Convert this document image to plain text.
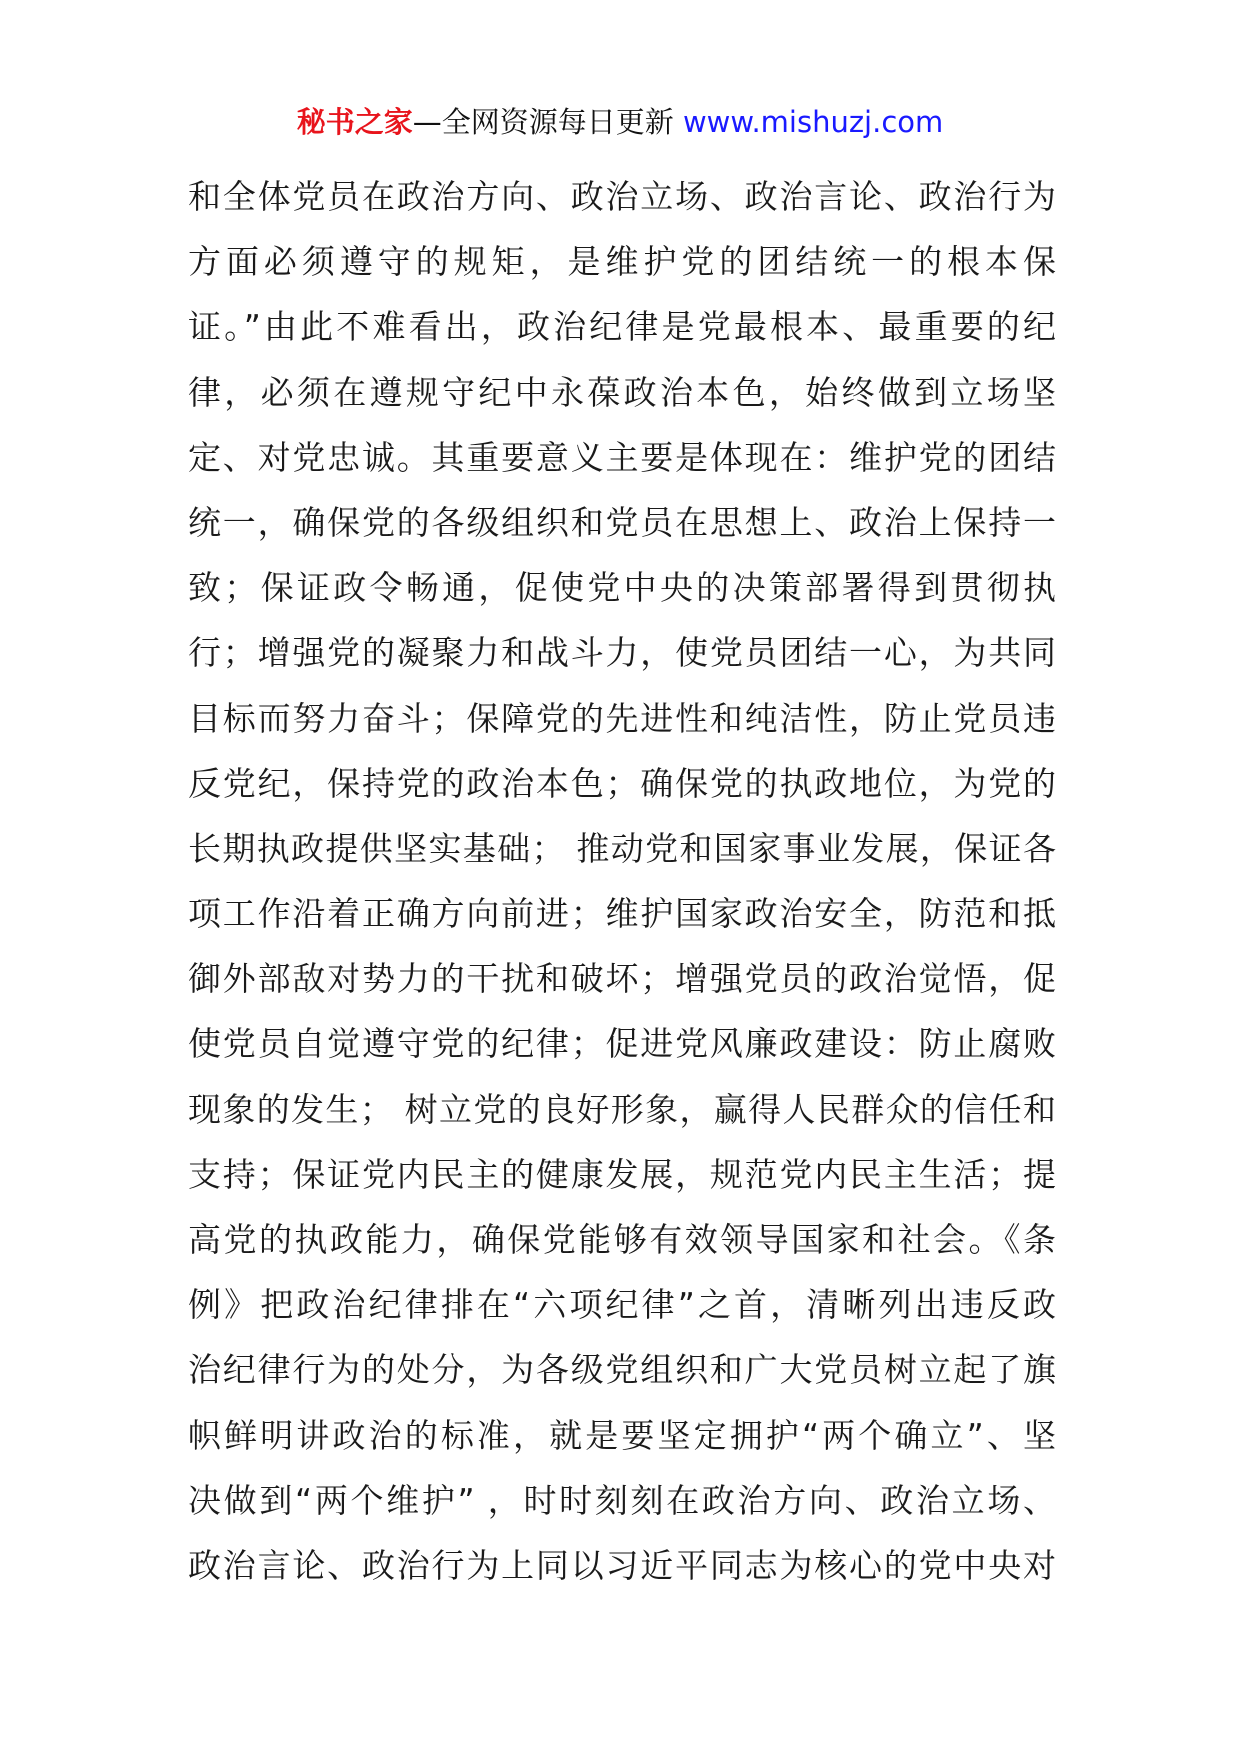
秘书之家—全网资源每日更新 www.mishuzj.com
和全体党员在政治方向、政治立场、政治言论、政治行为
方面必须遵守的规矩，是维护党的团结统一的根本保
证。”由此不难看出，政治纪律是党最根本、最重要的纪
律，必须在遵规守纪中永葆政治本色，始终做到立场坚
定、对党忠诚。其重要意义主要是体现在：维护党的团结
统一，确保党的各级组织和党员在思想上、政治上保持一
致；保证政令畅通，促使党中央的决策部署得到贯彻执
行；增强党的凝聚力和战斗力，使党员团结一心，为共同
目标而努力奋斗；保障党的先进性和纯洁性，防止党员违
反党纪，保持党的政治本色；确保党的执政地位，为党的
长期执政提供坚实基础； 推动党和国家事业发展，保证各
项工作沿着正确方向前进；维护国家政治安全，防范和抵
御外部敌对势力的干扰和破坏；增强党员的政治觉悟，促
使党员自觉遵守党的纪律；促进党风廉政建设：防止腐败
现象的发生； 树立党的良好形象，赢得人民群众的信任和
支持；保证党内民主的健康发展，规范党内民主生活；提
高党的执政能力，确保党能够有效领导国家和社会。《条
例》把政治纪律排在“六项纪律”之首，清晰列出违反政
治纪律行为的处分，为各级党组织和广大党员树立起了旗
帜鲜明讲政治的标准，就是要坚定拥护“两个确立”、坚
决做到“两个维护” ，时时刻刻在政治方向、政治立场、
政治言论、政治行为上同以习近平同志为核心的党中央对
